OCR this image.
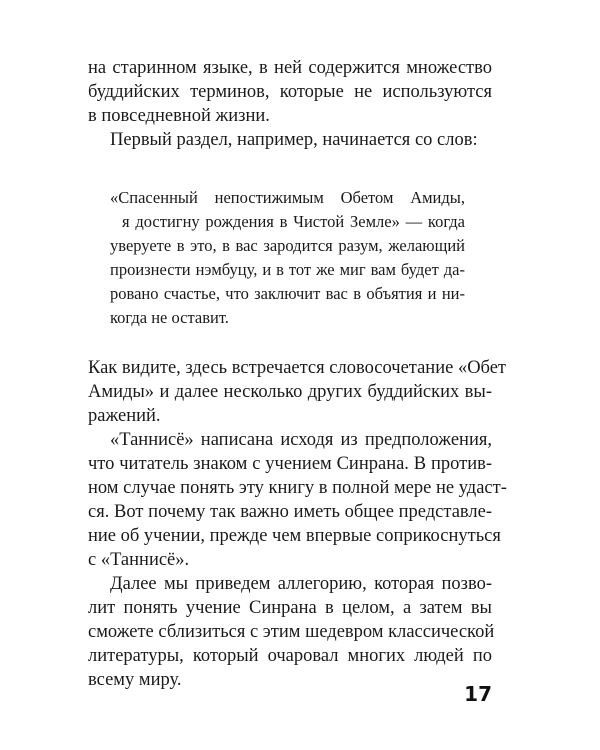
на старинном языке, в ней содержится множество
буддийских терминов, которые не используются
в повседневной жизни.
Первый раздел, например, начинается со слов:
«Спасенный непостижимым Обетом Амиды,
я достигну рождения в Чистой Земле» — когда
уверуете в это, в вас зародится разум, желающий
произнести нэмбуцу, и в тот же миг вам будет да-
ровано счастье, что заключит вас в объятия и ни-
когда не оставит.
Как видите, здесь встречается словосочетание «Обет
Амиды» и далее несколько других буддийских вы-
ражений.
«Таннисё» написана исходя из предположения,
что читатель знаком с учением Синрана. В против-
ном случае понять эту книгу в полной мере не удаст-
ся. Вот почему так важно иметь общее представле-
ние об учении, прежде чем впервые соприкоснуться
с «Таннисё».
Далее мы приведем аллегорию, которая позво-
лит понять учение Синрана в целом, а затем вы
сможете сблизиться с этим шедевром классической
литературы, который очаровал многих людей по
всему миру.
17
